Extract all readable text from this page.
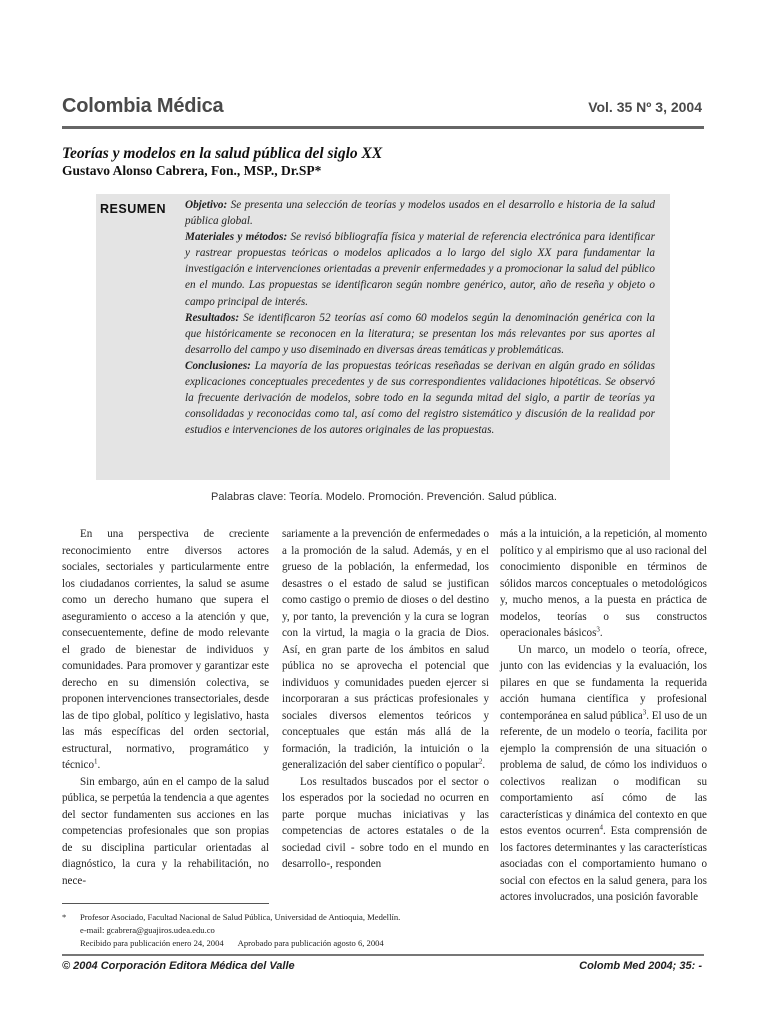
Colombia Médica	Vol. 35 Nº 3, 2004
Teorías y modelos en la salud pública del siglo XX
Gustavo Alonso Cabrera, Fon., MSP., Dr.SP*
RESUMEN Objetivo: Se presenta una selección de teorías y modelos usados en el desarrollo e historia de la salud pública global.
Materiales y métodos: Se revisó bibliografía física y material de referencia electrónica para identificar y rastrear propuestas teóricas o modelos aplicados a lo largo del siglo XX para fundamentar la investigación e intervenciones orientadas a prevenir enfermedades y a promocionar la salud del público en el mundo. Las propuestas se identificaron según nombre genérico, autor, año de reseña y objeto o campo principal de interés.
Resultados: Se identificaron 52 teorías así como 60 modelos según la denominación genérica con la que históricamente se reconocen en la literatura; se presentan los más relevantes por sus aportes al desarrollo del campo y uso diseminado en diversas áreas temáticas y problemáticas.
Conclusiones: La mayoría de las propuestas teóricas reseñadas se derivan en algún grado en sólidas explicaciones conceptuales precedentes y de sus correspondientes validaciones hipotéticas. Se observó la frecuente derivación de modelos, sobre todo en la segunda mitad del siglo, a partir de teorías ya consolidadas y reconocidas como tal, así como del registro sistemático y discusión de la realidad por estudios e intervenciones de los autores originales de las propuestas.
Palabras clave: Teoría. Modelo. Promoción. Prevención. Salud pública.

En una perspectiva de creciente reconocimiento entre diversos actores sociales, sectoriales y particularmente entre los ciudadanos corrientes, la salud se asume como un derecho humano que supera el aseguramiento o acceso a la atención y que, consecuentemente, define de modo relevante el grado de bienestar de individuos y comunidades. Para promover y garantizar este derecho en su dimensión colectiva, se proponen intervenciones transectoriales, desde las de tipo global, político y legislativo, hasta las más específicas del orden sectorial, estructural, normativo, programático y técnico$^1$.

Sin embargo, aún en el campo de la salud pública, se perpetúa la tendencia a que agentes del sector fundamenten sus acciones en las competencias profesionales que son propias de su disciplina particular orientadas al diagnóstico, la cura y la rehabilitación, no nece-

sariamente a la prevención de enfermedades o a la promoción de la salud. Además, y en el grueso de la población, la enfermedad, los desastres o el estado de salud se justifican como castigo o premio de dioses o del destino y, por tanto, la prevención y la cura se logran con la virtud, la magia o la gracia de Dios. Así, en gran parte de los ámbitos en salud pública no se aprovecha el potencial que individuos y comunidades pueden ejercer si incorporaran a sus prácticas profesionales y sociales diversos elementos teóricos y conceptuales que están más allá de la formación, la tradición, la intuición o la generalización del saber científico o popular$^2$.

Los resultados buscados por el sector o los esperados por la sociedad no ocurren en parte porque muchas iniciativas y las competencias de actores estatales o de la sociedad civil - sobre todo en el mundo en desarrollo-, responden

más a la intuición, a la repetición, al momento político y al empirismo que al uso racional del conocimiento disponible en términos de sólidos marcos conceptuales o metodológicos y, mucho menos, a la puesta en práctica de modelos, teorías o sus constructos operacionales básicos$^3$.

Un marco, un modelo o teoría, ofrece, junto con las evidencias y la evaluación, los pilares en que se fundamenta la requerida acción humana científica y profesional contemporánea en salud pública$^3$. El uso de un referente, de un modelo o teoría, facilita por ejemplo la comprensión de una situación o problema de salud, de cómo los individuos o colectivos realizan o modifican su comportamiento así cómo de las características y dinámica del contexto en que estos eventos ocurren$^4$. Esta comprensión de los factores determinantes y las características asociadas con el comportamiento humano o social con efectos en la salud genera, para los actores involucrados, una posición favorable

* Profesor Asociado, Facultad Nacional de Salud Pública, Universidad de Antioquia, Medellín.
e-mail: gcabrera@guajiros.udea.edu.co
Recibido para publicación enero 24, 2004 Aprobado para publicación agosto 6, 2004
© 2004 Corporación Editora Médica del Valle	Colomb Med 2004; 35: -
